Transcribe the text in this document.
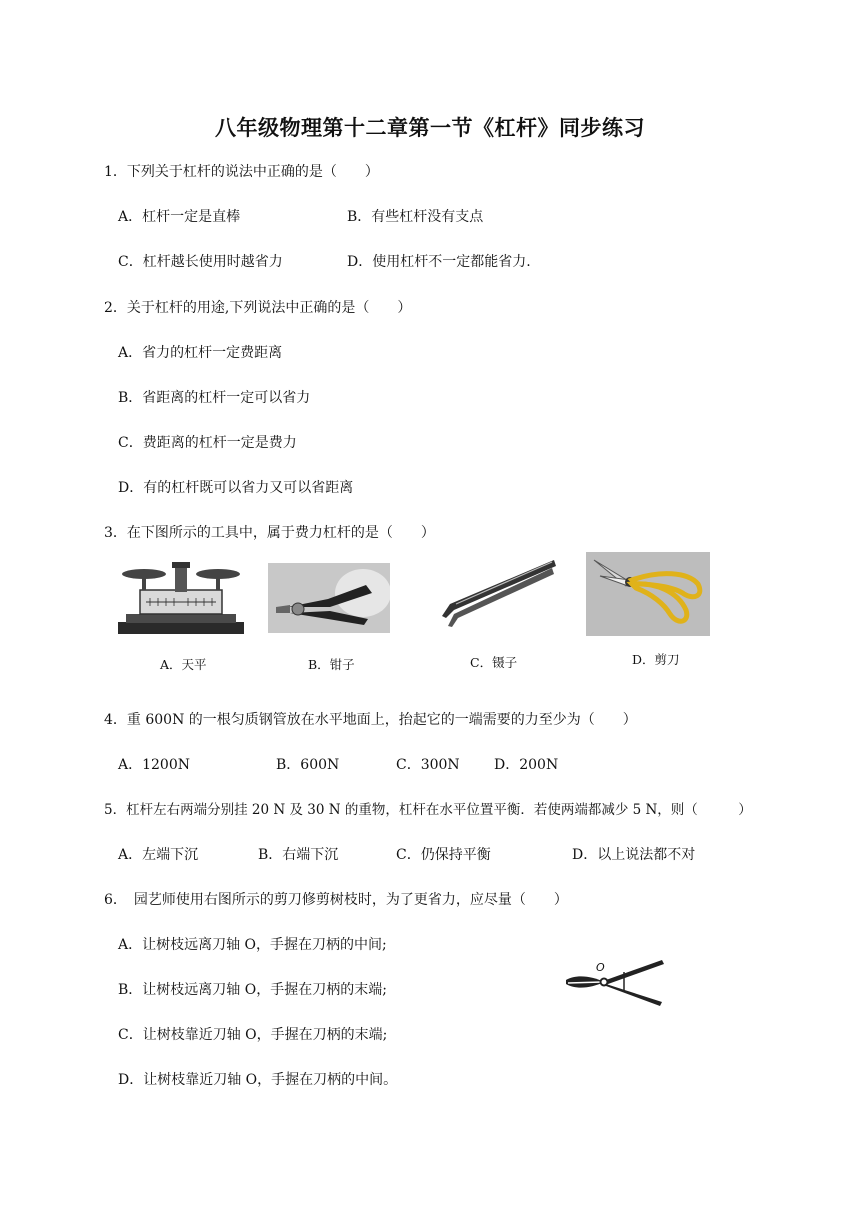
八年级物理第十二章第一节《杠杆》同步练习
1．下列关于杠杆的说法中正确的是（　　）
A．杠杆一定是直棒	B．有些杠杆没有支点
C．杠杆越长使用时越省力	D．使用杠杆不一定都能省力.
2．关于杠杆的用途,下列说法中正确的是（　　）
A．省力的杠杆一定费距离
B．省距离的杠杆一定可以省力
C．费距离的杠杆一定是费力
D．有的杠杆既可以省力又可以省距离
3．在下图所示的工具中，属于费力杠杆的是（　　）
A．天平	B．钳子	C．镊子	D．剪刀
4．重 600N 的一根匀质钢管放在水平地面上，抬起它的一端需要的力至少为（　　）
A．1200N	B．600N	C．300N D．200N
5．杠杆左右两端分别挂 20 N 及 30 N 的重物，杠杆在水平位置平衡．若使两端都减少 5 N，则（　　　）
A．左端下沉	B．右端下沉	C．仍保持平衡	D．以上说法都不对
6．　园艺师使用右图所示的剪刀修剪树枝时，为了更省力，应尽量（　　）
A．让树枝远离刀轴 O，手握在刀柄的中间;
B．让树枝远离刀轴 O，手握在刀柄的末端;
C．让树枝靠近刀轴 O，手握在刀柄的末端;
D．让树枝靠近刀轴 O，手握在刀柄的中间。
O
